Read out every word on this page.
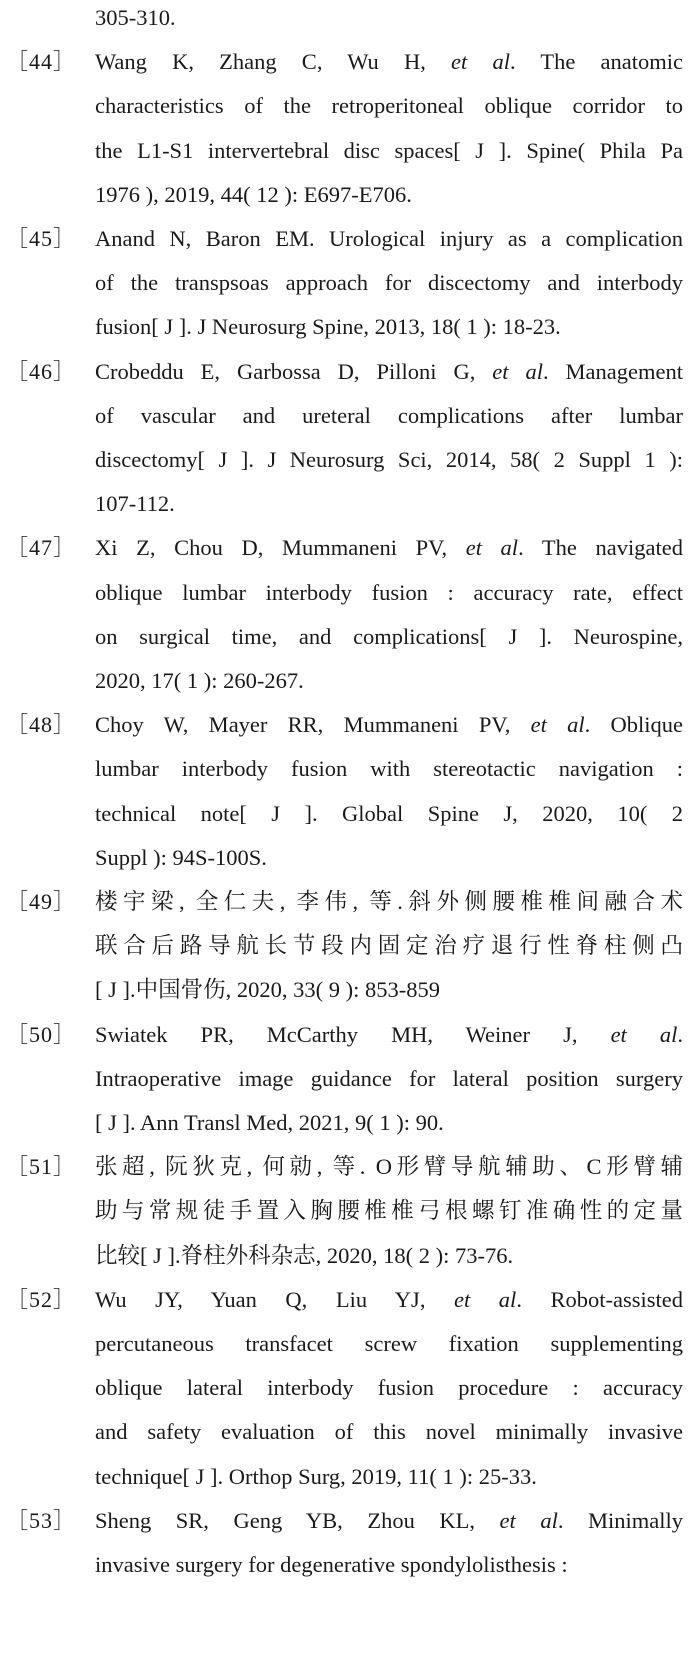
305-310.
［44］ Wang K, Zhang C, Wu H, et al. The anatomic
characteristics of the retroperitoneal oblique corridor to
the L1-S1 intervertebral disc spaces[ J ]. Spine( Phila Pa
1976 ), 2019, 44( 12 ): E697-E706.
［45］ Anand N, Baron EM. Urological injury as a complication
of the transpsoas approach for discectomy and interbody
fusion[ J ]. J Neurosurg Spine, 2013, 18( 1 ): 18-23.
［46］ Crobeddu E, Garbossa D, Pilloni G, et al. Management
of vascular and ureteral complications after lumbar
discectomy[ J ]. J Neurosurg Sci, 2014, 58( 2 Suppl 1 ):
107-112.
［47］ Xi Z, Chou D, Mummaneni PV, et al. The navigated
oblique lumbar interbody fusion : accuracy rate, effect
on surgical time, and complications[ J ]. Neurospine,
2020, 17( 1 ): 260-267.
［48］ Choy W, Mayer RR, Mummaneni PV, et al. Oblique
lumbar interbody fusion with stereotactic navigation :
technical note[ J ]. Global Spine J, 2020, 10( 2
Suppl ): 94S-100S.
［49］ 楼宇梁, 全仁夫, 李伟, 等.斜外侧腰椎椎间融合术
联合后路导航长节段内固定治疗退行性脊柱侧凸
[ J ].中国骨伤, 2020, 33( 9 ): 853-859
［50］ Swiatek PR, McCarthy MH, Weiner J, et al.
Intraoperative image guidance for lateral position surgery
[ J ]. Ann Transl Med, 2021, 9( 1 ): 90.
［51］ 张超, 阮狄克, 何勍, 等. O形臂导航辅助、C形臂辅
助与常规徒手置入胸腰椎椎弓根螺钉准确性的定量
比较[ J ].脊柱外科杂志, 2020, 18( 2 ): 73-76.
［52］ Wu JY, Yuan Q, Liu YJ, et al. Robot-assisted
percutaneous transfacet screw fixation supplementing
oblique lateral interbody fusion procedure : accuracy
and safety evaluation of this novel minimally invasive
technique[ J ]. Orthop Surg, 2019, 11( 1 ): 25-33.
［53］ Sheng SR, Geng YB, Zhou KL, et al. Minimally
invasive surgery for degenerative spondylolisthesis :
